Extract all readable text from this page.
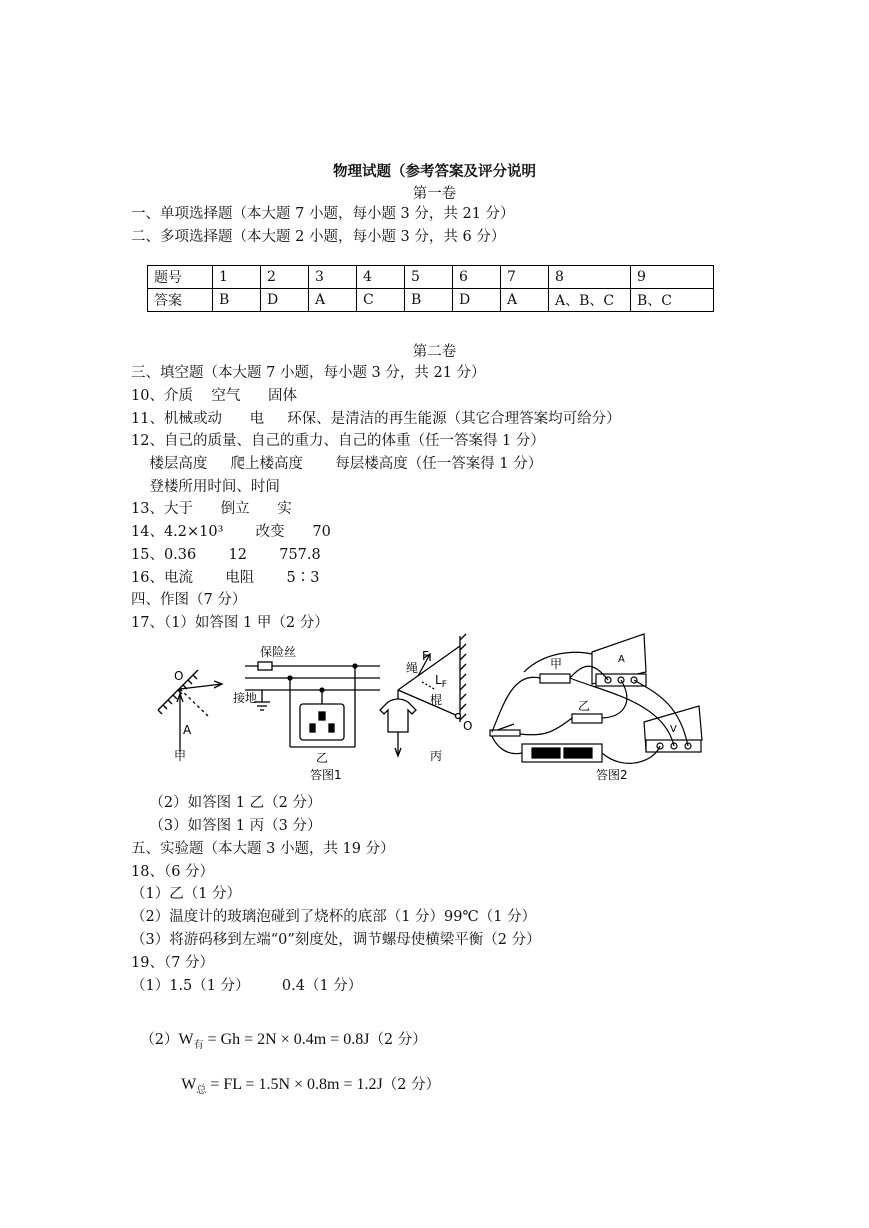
物理试题（参考答案及评分说明
第一卷
一、单项选择题（本大题 7 小题，每小题 3 分，共 21 分）
二、多项选择题（本大题 2 小题，每小题 3 分，共 6 分）
题号	1	2	3	4	5	6	7	8	9
答案	B	D	A	C	B	D	A	A、B、C	B、C
第二卷
三、填空题（本大题 7 小题，每小题 3 分，共 21 分）
10、介质    空气      固体
11、机械或动      电     环保、是清洁的再生能源（其它合理答案均可给分）
12、自己的质量、自己的重力、自己的体重（任一答案得 1 分）
楼层高度     爬上楼高度       每层楼高度（任一答案得 1 分）
登楼所用时间、时间
13、大于      倒立      实
14、4.2×10³       改变      70
15、0.36       12       757.8
16、电流       电阻       5∶3
四、作图（7 分）
17、（1）如答图 1 甲（2 分）
O
A
甲
保险丝
接地
乙
答图1
绳
F
$L_F$
棍
O
丙
甲
乙
A
V
答图2
（2）如答图 1 乙（2 分）
（3）如答图 1 丙（3 分）
五、实验题（本大题 3 小题，共 19 分）
18、（6 分）
（1）乙（1 分）
（2）温度计的玻璃泡碰到了烧杯的底部（1 分）99℃（1 分）
（3）将游码移到左端“0”刻度处，调节螺母使横梁平衡（2 分）
19、（7 分）
（1）1.5（1 分）       0.4（1 分）

$(2)W_有 = Gh = 2N \times 0.4m = 0.8J(2$ 分）

$W_总$ = FL = 1.5N × 0.8m = 1.2J（2 分）
